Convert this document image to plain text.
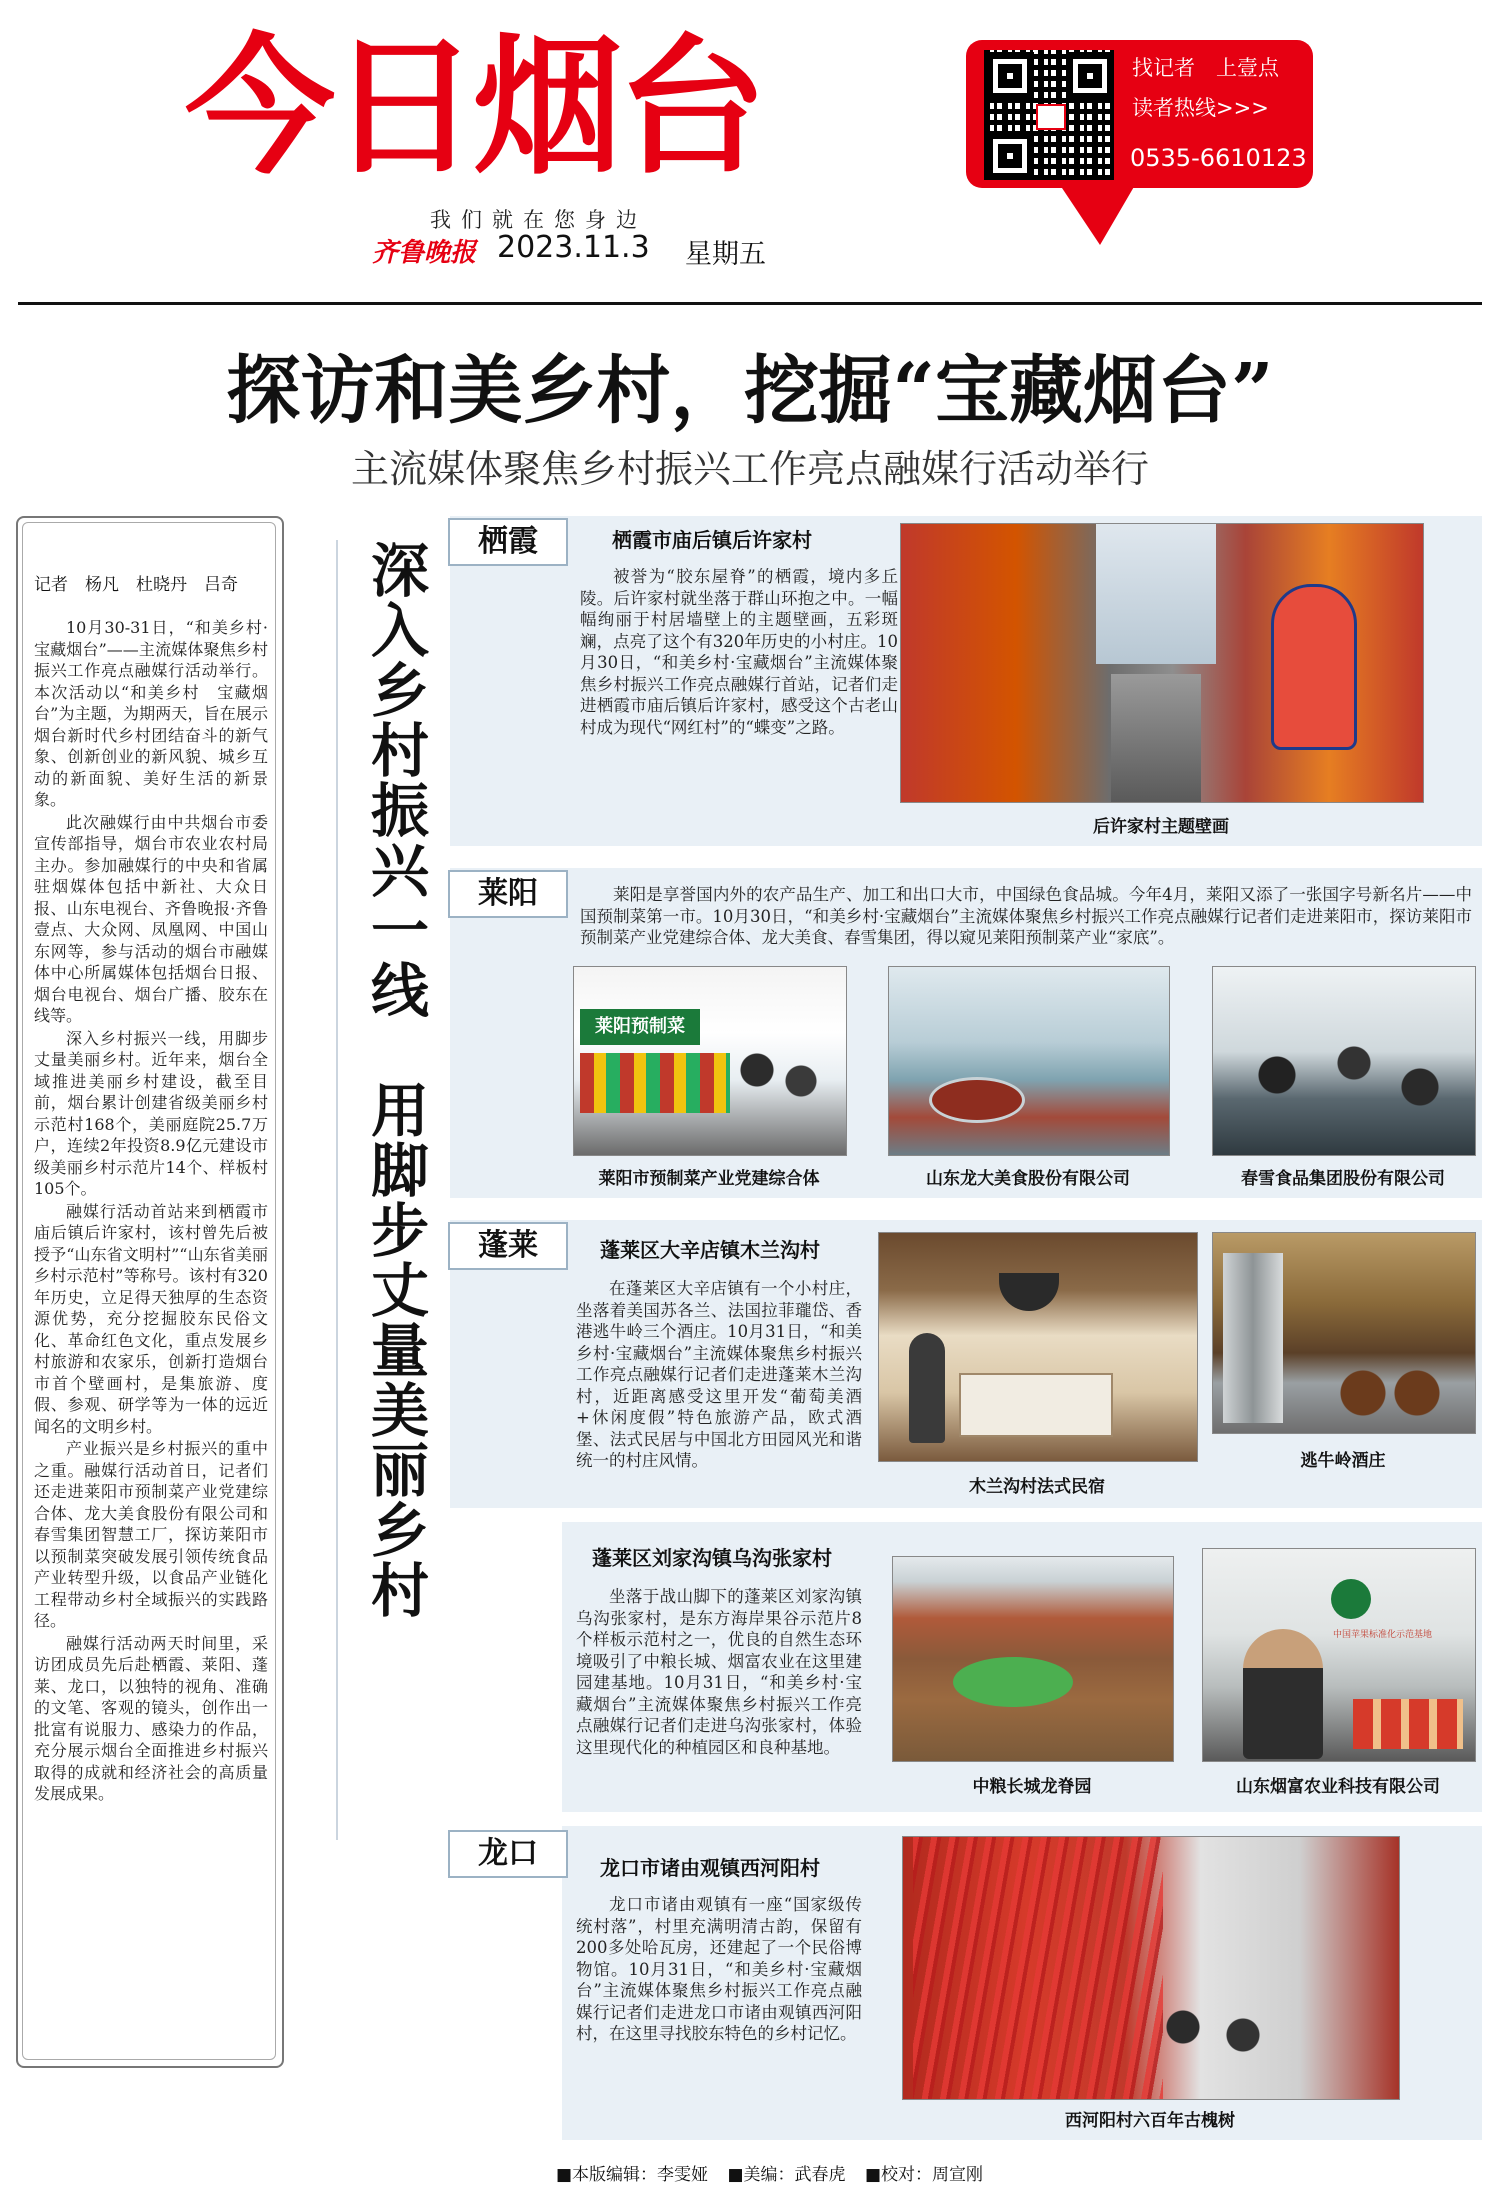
今日烟台
我们就在您身边
齐鲁晚报 2023.11.3 星期五
找记者　上壹点
读者热线>>>
0535-6610123
探访和美乡村，挖掘“宝藏烟台”
主流媒体聚焦乡村振兴工作亮点融媒行活动举行
记者　杨凡　杜晓丹　吕奇

10月30-31日，“和美乡村·宝藏烟台”——主流媒体聚焦乡村振兴工作亮点融媒行活动举行。本次活动以“和美乡村　宝藏烟台”为主题，为期两天，旨在展示烟台新时代乡村团结奋斗的新气象、创新创业的新风貌、城乡互动的新面貌、美好生活的新景象。

此次融媒行由中共烟台市委宣传部指导，烟台市农业农村局主办。参加融媒行的中央和省属驻烟媒体包括中新社、大众日报、山东电视台、齐鲁晚报·齐鲁壹点、大众网、凤凰网、中国山东网等，参与活动的烟台市融媒体中心所属媒体包括烟台日报、烟台电视台、烟台广播、胶东在线等。

深入乡村振兴一线，用脚步丈量美丽乡村。近年来，烟台全域推进美丽乡村建设，截至目前，烟台累计创建省级美丽乡村示范村168个，美丽庭院25.7万户，连续2年投资8.9亿元建设市级美丽乡村示范片14个、样板村105个。

融媒行活动首站来到栖霞市庙后镇后许家村，该村曾先后被授予“山东省文明村”“山东省美丽乡村示范村”等称号。该村有320年历史，立足得天独厚的生态资源优势，充分挖掘胶东民俗文化、革命红色文化，重点发展乡村旅游和农家乐，创新打造烟台市首个壁画村，是集旅游、度假、参观、研学等为一体的远近闻名的文明乡村。

产业振兴是乡村振兴的重中之重。融媒行活动首日，记者们还走进莱阳市预制菜产业党建综合体、龙大美食股份有限公司和春雪集团智慧工厂，探访莱阳市以预制菜突破发展引领传统食品产业转型升级，以食品产业链化工程带动乡村全域振兴的实践路径。

融媒行活动两天时间里，采访团成员先后赴栖霞、莱阳、蓬莱、龙口，以独特的视角、准确的文笔、客观的镜头，创作出一批富有说服力、感染力的作品，充分展示烟台全面推进乡村振兴取得的成就和经济社会的高质量发展成果。

深入乡村振兴一线　用脚步丈量美丽乡村	栖霞	栖霞市庙后镇后许家村
被誉为“胶东屋脊”的栖霞，境内多丘陵。后许家村就坐落于群山环抱之中。一幅幅绚丽于村居墙壁上的主题壁画，五彩斑斓，点亮了这个有320年历史的小村庄。10月30日，“和美乡村·宝藏烟台”主流媒体聚焦乡村振兴工作亮点融媒行首站，记者们走进栖霞市庙后镇后许家村，感受这个古老山村成为现代“网红村”的“蝶变”之路。
后许家村主题壁画
莱阳	莱阳是享誉国内外的农产品生产、加工和出口大市，中国绿色食品城。今年4月，莱阳又添了一张国字号新名片——中国预制菜第一市。10月30日，“和美乡村·宝藏烟台”主流媒体聚焦乡村振兴工作亮点融媒行记者们走进莱阳市，探访莱阳市预制菜产业党建综合体、龙大美食、春雪集团，得以窥见莱阳预制菜产业“家底”。
莱阳预制菜
莱阳市预制菜产业党建综合体	山东龙大美食股份有限公司	春雪食品集团股份有限公司
蓬莱	蓬莱区大辛店镇木兰沟村
在蓬莱区大辛店镇有一个小村庄，坐落着美国苏各兰、法国拉菲瓏岱、香港逃牛岭三个酒庄。10月31日，“和美乡村·宝藏烟台”主流媒体聚焦乡村振兴工作亮点融媒行记者们走进蓬莱木兰沟村，近距离感受这里开发“葡萄美酒+休闲度假”特色旅游产品，欧式酒堡、法式民居与中国北方田园风光和谐统一的村庄风情。
木兰沟村法式民宿
逃牛岭酒庄
蓬莱区刘家沟镇乌沟张家村
坐落于战山脚下的蓬莱区刘家沟镇乌沟张家村，是东方海岸果谷示范片8个样板示范村之一，优良的自然生态环境吸引了中粮长城、烟富农业在这里建园建基地。10月31日，“和美乡村·宝藏烟台”主流媒体聚焦乡村振兴工作亮点融媒行记者们走进乌沟张家村，体验这里现代化的种植园区和良种基地。
中粮长城龙脊园
中国苹果标准化示范基地
山东烟富农业科技有限公司
龙口	龙口市诸由观镇西河阳村
龙口市诸由观镇有一座“国家级传统村落”，村里充满明清古韵，保留有200多处哈瓦房，还建起了一个民俗博物馆。10月31日，“和美乡村·宝藏烟台”主流媒体聚焦乡村振兴工作亮点融媒行记者们走进龙口市诸由观镇西河阳村，在这里寻找胶东特色的乡村记忆。
西河阳村六百年古槐树
■本版编辑：李雯娅 ■美编：武春虎 ■校对：周宣刚
